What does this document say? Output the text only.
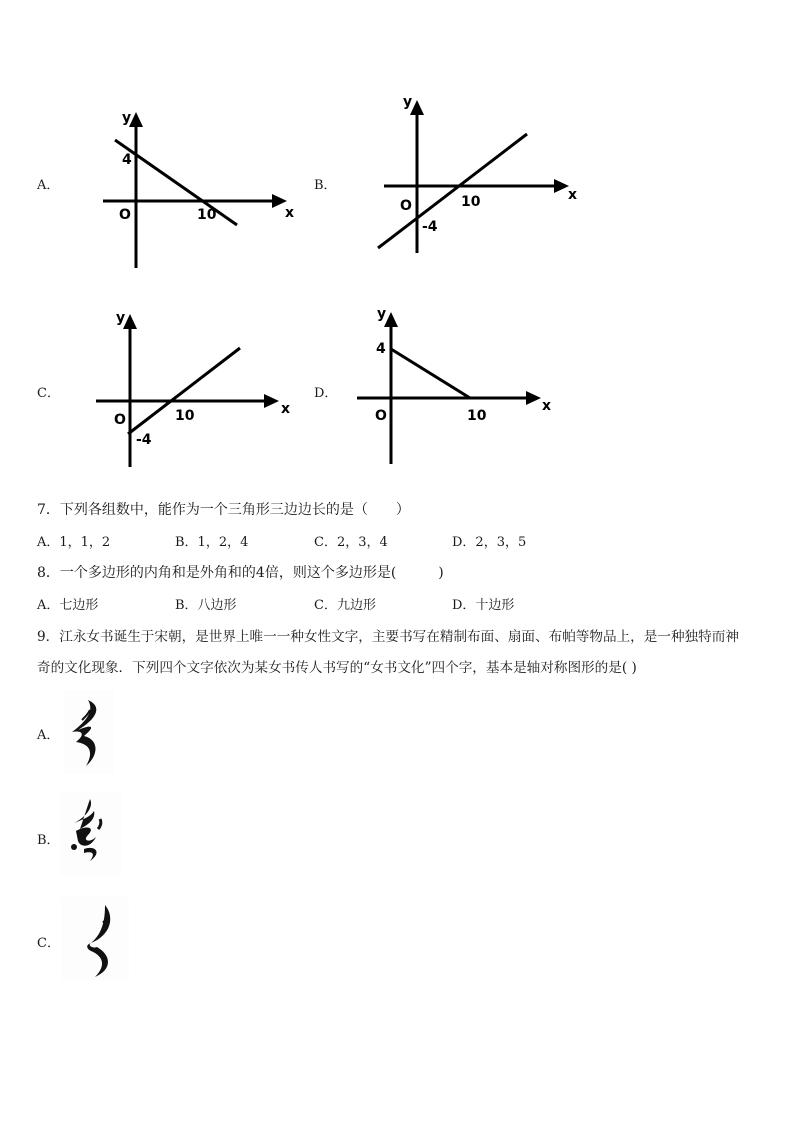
A．
y
x
4
10
O
B．
y
x
-4
10
O
C．
y
x
-4
10
O
D．
y
x
4
10
O
7．下列各组数中，能作为一个三角形三边边长的是（　　）
A．1，1，2	B．1，2，4	C．2，3，4	D．2，3，5
8．一个多边形的内角和是外角和的4倍，则这个多边形是(　　　)
A．七边形	B．八边形	C．九边形	D．十边形
9．江永女书诞生于宋朝，是世界上唯一一种女性文字，主要书写在精制布面、扇面、布帕等物品上，是一种独特而神
奇的文化现象．下列四个文字依次为某女书传人书写的“女书文化”四个字，基本是轴对称图形的是( )
A．
B．
C．
